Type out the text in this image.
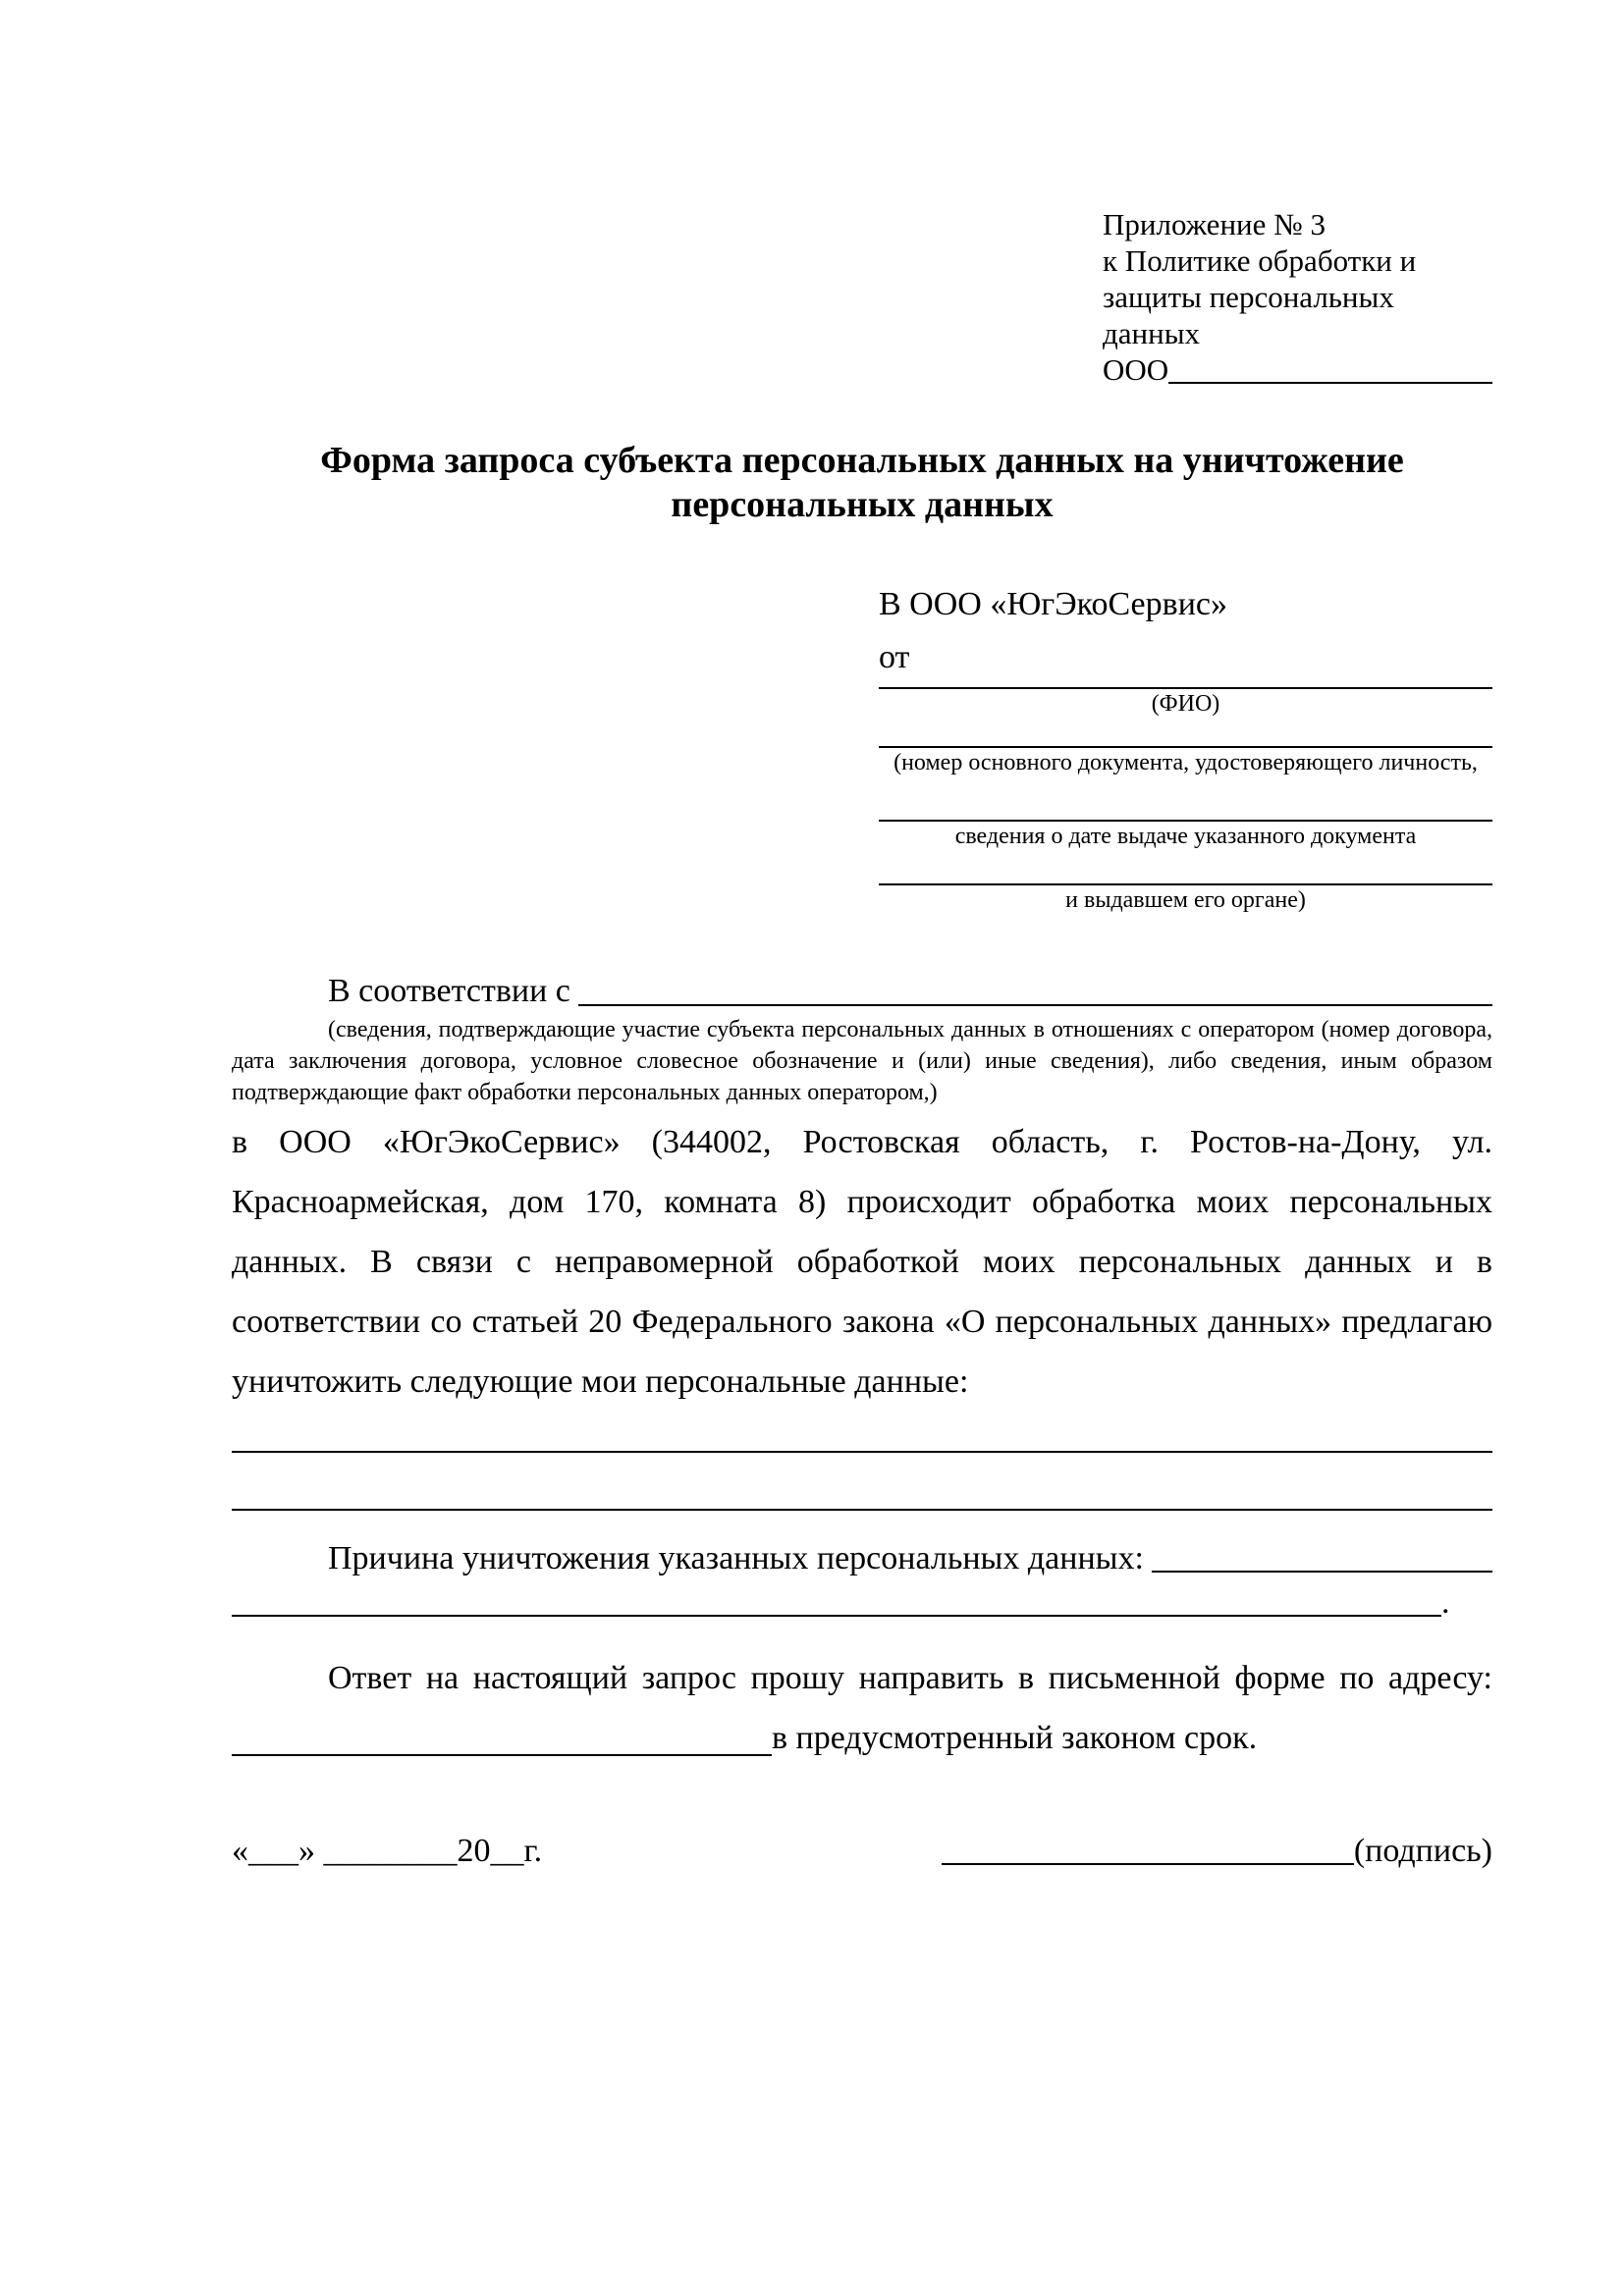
Приложение № 3
к Политике обработки и
защиты персональных данных
ООО
Форма запроса субъекта персональных данных на уничтожение персональных данных
В ООО «ЮгЭкоСервис»
от
(ФИО)
(номер основного документа, удостоверяющего личность,
сведения о дате выдаче указанного документа
и выдавшем его органе)
В соответствии с
(сведения, подтверждающие участие субъекта персональных данных в отношениях с оператором (номер договора, дата заключения договора, условное словесное обозначение и (или) иные сведения), либо сведения, иным образом подтверждающие факт обработки персональных данных оператором,)
в ООО «ЮгЭкоСервис» (344002, Ростовская область, г. Ростов-на-Дону, ул. Красноармейская, дом 170, комната 8) происходит обработка моих персональных данных. В связи с неправомерной обработкой моих персональных данных и в соответствии со статьей 20 Федерального закона «О персональных данных» предлагаю уничтожить следующие мои персональные данные:
Причина уничтожения указанных персональных данных:
.
Ответ на настоящий запрос прошу направить в письменной форме по адресу:
в предусмотренный законом срок.
«___» ________20__г.	(подпись)
